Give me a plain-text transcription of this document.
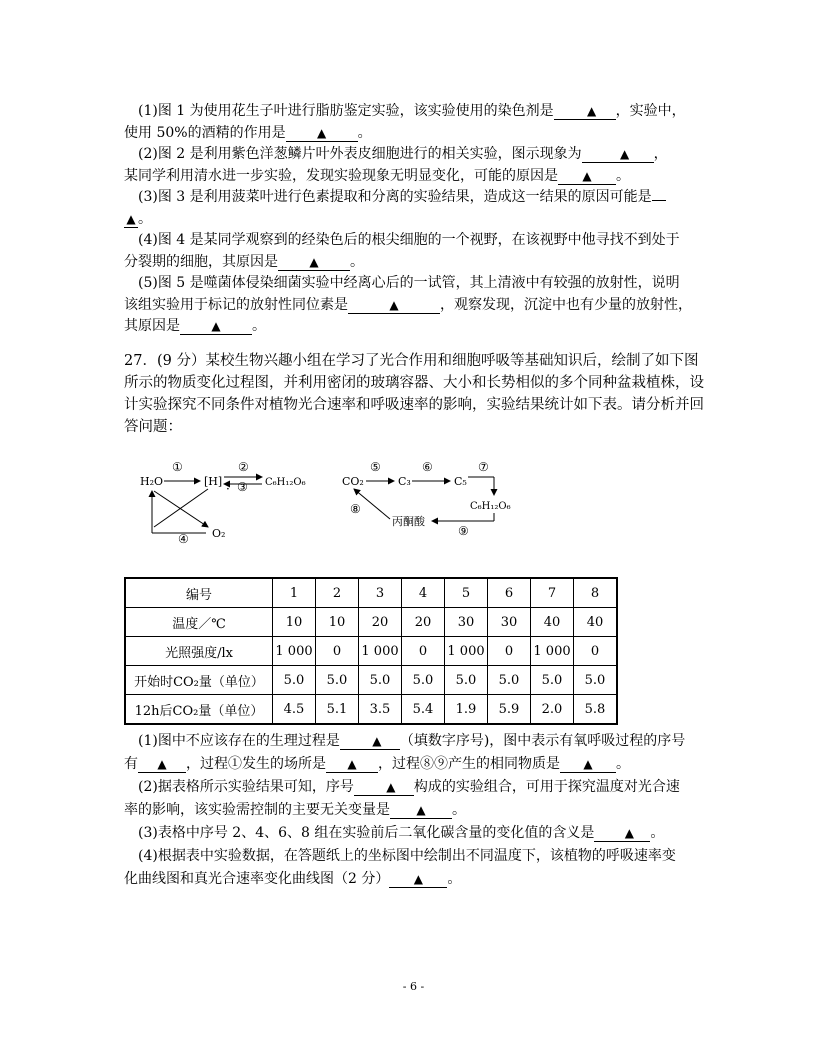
(1)图 1 为使用花生子叶进行脂肪鉴定实验，该实验使用的染色剂是	▲ ，实验中，

使用 50%的酒精的作用是	▲ 。

(2)图 2 是利用紫色洋葱鳞片叶外表皮细胞进行的相关实验，图示现象为	▲ ，

某同学利用清水进一步实验，发现实验现象无明显变化，可能的原因是 ▲ 。

(3)图 3 是利用菠菜叶进行色素提取和分离的实验结果，造成这一结果的原因可能是

▲ 。

(4)图 4 是某同学观察到的经染色后的根尖细胞的一个视野，在该视野中他寻找不到处于

分裂期的细胞，其原因是	▲ 。

(5)图 5 是噬菌体侵染细菌实验中经离心后的一试管，其上清液中有较强的放射性，说明

该组实验用于标记的放射性同位素是	▲	，观察发现，沉淀中也有少量的放射性，

其原因是	▲ 。

27．(9 分）某校生物兴趣小组在学习了光合作用和细胞呼吸等基础知识后，绘制了如下图

所示的物质变化过程图，并利用密闭的玻璃容器、大小和长势相似的多个同种盆栽植株，设

计实验探究不同条件对植物光合速率和呼吸速率的影响，实验结果统计如下表。请分析并回

答问题：

H₂O	[H]	C₆H₁₂O₆
O₂
①	②
③
·
④
CO₂	C₃	C₅
C₆H₁₂O₆
丙酮酸
⑤	⑥	⑦
⑧
⑨
编号	1	2	3	4	5	6	7	8
温度／℃	10	10	20	20	30	30	40	40
光照强度/lx	1 000	0	1 000	0	1 000	0	1 000	0
开始时CO₂量（单位）	5.0	5.0	5.0	5.0	5.0	5.0	5.0	5.0
12h后CO₂量（单位）	4.5	5.1	3.5	5.4	1.9	5.9	2.0	5.8

(1)图中不应该存在的生理过程是	▲ （填数字序号)，图中表示有氧呼吸过程的序号

有 ▲ ，过程①发生的场所是 ▲ ，过程⑧⑨产生的相同物质是 ▲ 。

(2)据表格所示实验结果可知，序号	▲ 构成的实验组合，可用于探究温度对光合速

率的影响，该实验需控制的主要无关变量是 ▲ 。

(3)表格中序号 2、4、6、8 组在实验前后二氧化碳含量的变化值的含义是	▲ 。

(4)根据表中实验数据，在答题纸上的坐标图中绘制出不同温度下，该植物的呼吸速率变

化曲线图和真光合速率变化曲线图（2 分） ▲ 。

- 6 -
